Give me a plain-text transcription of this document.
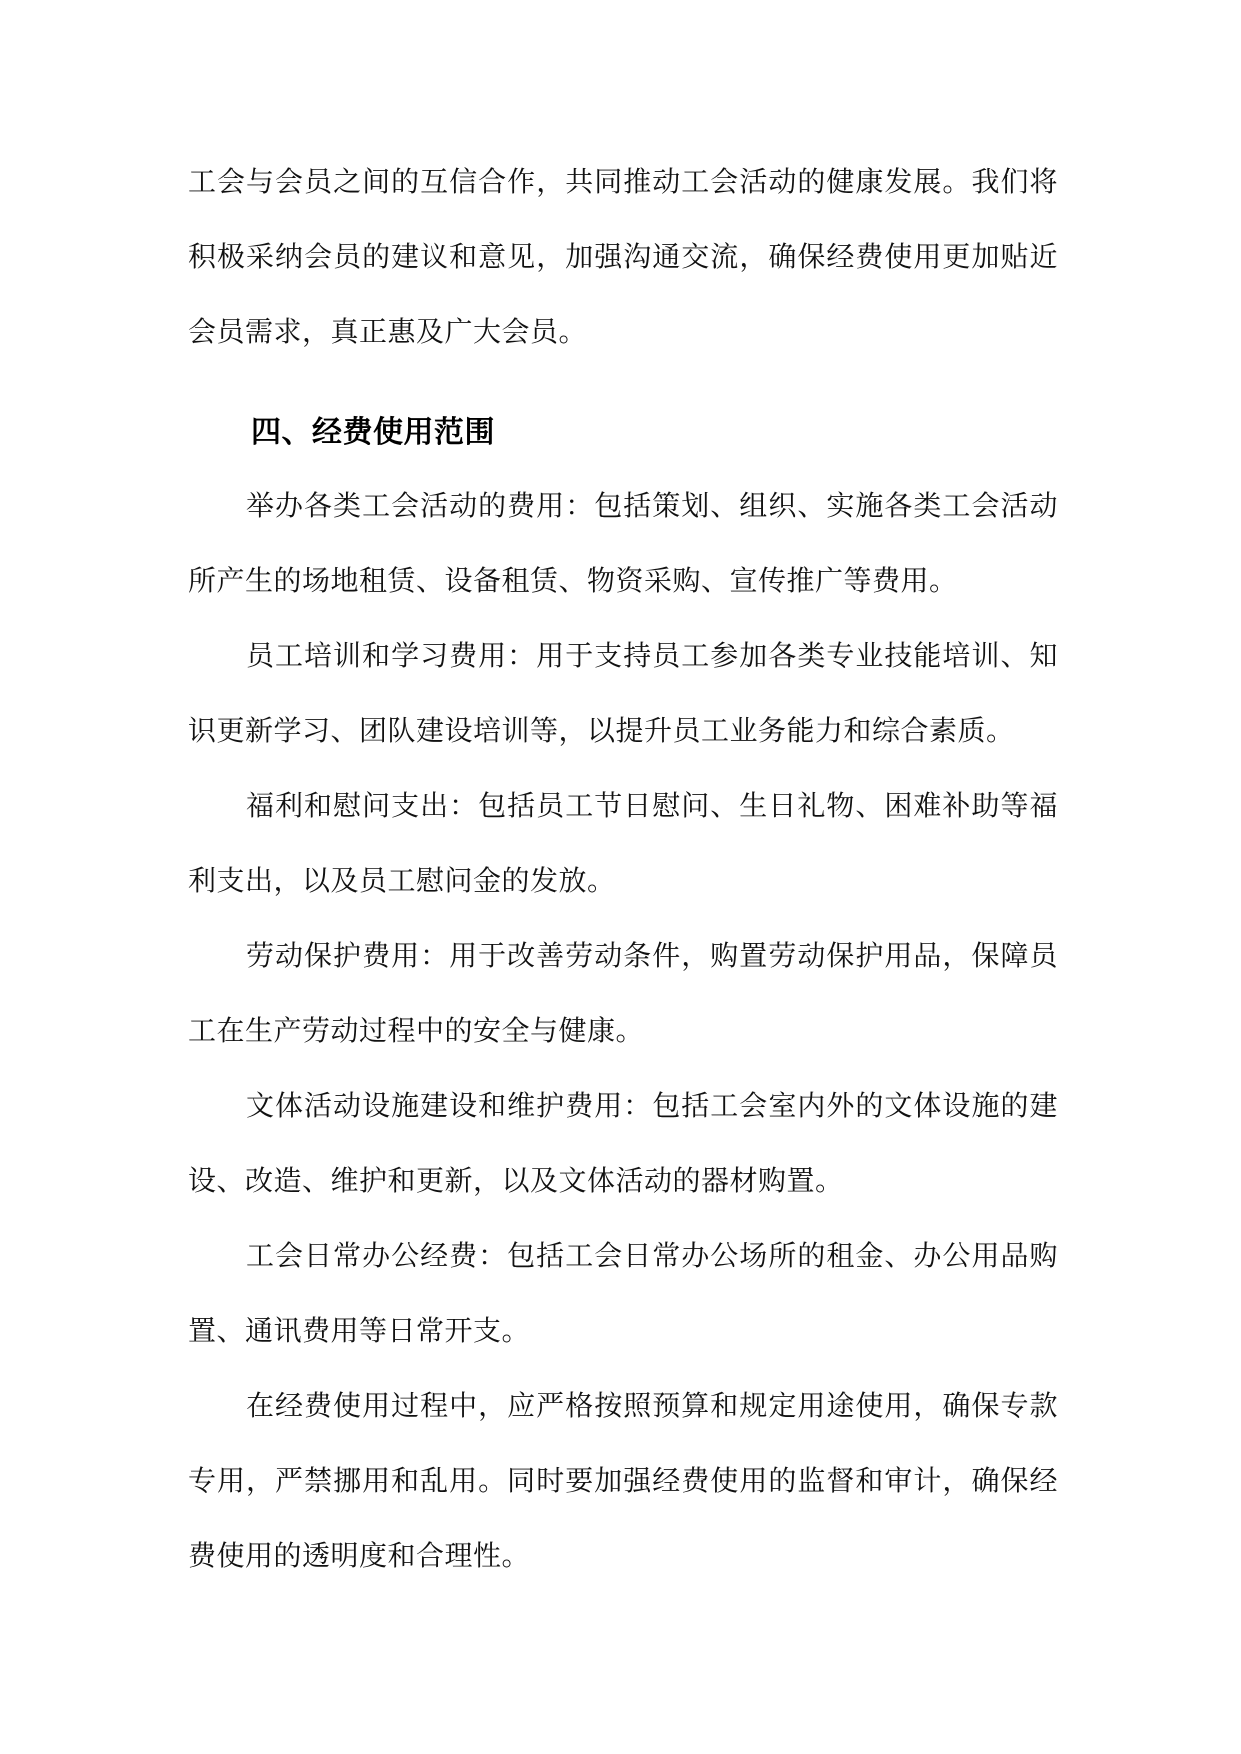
工会与会员之间的互信合作，共同推动工会活动的健康发展。我们将积极采纳会员的建议和意见，加强沟通交流，确保经费使用更加贴近会员需求，真正惠及广大会员。

四、经费使用范围

举办各类工会活动的费用：包括策划、组织、实施各类工会活动所产生的场地租赁、设备租赁、物资采购、宣传推广等费用。

员工培训和学习费用：用于支持员工参加各类专业技能培训、知识更新学习、团队建设培训等，以提升员工业务能力和综合素质。

福利和慰问支出：包括员工节日慰问、生日礼物、困难补助等福利支出，以及员工慰问金的发放。

劳动保护费用：用于改善劳动条件，购置劳动保护用品，保障员工在生产劳动过程中的安全与健康。

文体活动设施建设和维护费用：包括工会室内外的文体设施的建设、改造、维护和更新，以及文体活动的器材购置。

工会日常办公经费：包括工会日常办公场所的租金、办公用品购置、通讯费用等日常开支。

在经费使用过程中，应严格按照预算和规定用途使用，确保专款专用，严禁挪用和乱用。同时要加强经费使用的监督和审计，确保经费使用的透明度和合理性。
